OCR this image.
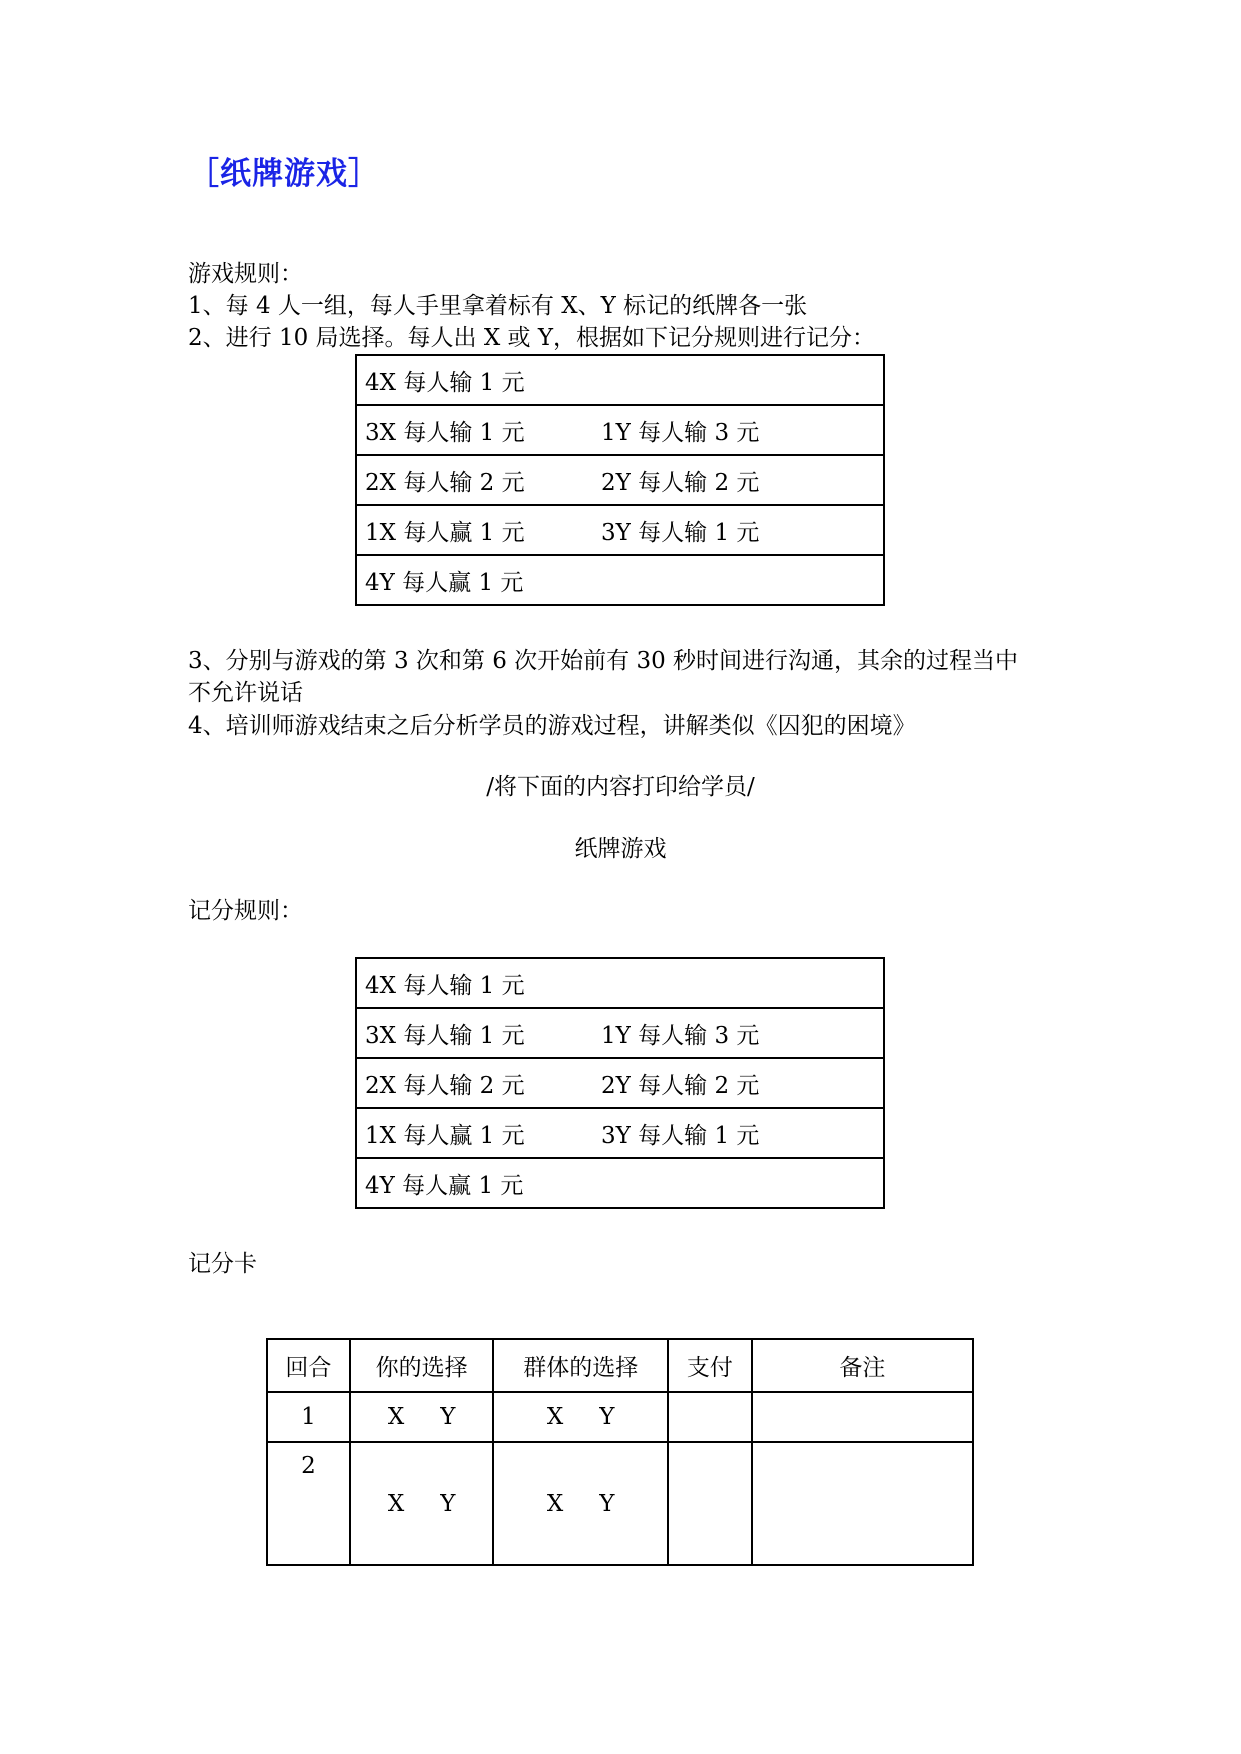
［纸牌游戏］
游戏规则：
1、每 4 人一组，每人手里拿着标有 X、Y 标记的纸牌各一张
2、进行 10 局选择。每人出 X 或 Y，根据如下记分规则进行记分：
4X 每人输 1 元
3X 每人输 1 元	1Y 每人输 3 元
2X 每人输 2 元	2Y 每人输 2 元
1X 每人赢 1 元	3Y 每人输 1 元
4Y 每人赢 1 元
3、分别与游戏的第 3 次和第 6 次开始前有 30 秒时间进行沟通，其余的过程当中
不允许说话
4、培训师游戏结束之后分析学员的游戏过程，讲解类似《囚犯的困境》
/将下面的内容打印给学员/
纸牌游戏
记分规则：
4X 每人输 1 元
3X 每人输 1 元	1Y 每人输 3 元
2X 每人输 2 元	2Y 每人输 2 元
1X 每人赢 1 元	3Y 每人输 1 元
4Y 每人赢 1 元
记分卡
回合	你的选择	群体的选择	支付	备注
1	X Y	X Y		
2	X Y	X Y		
